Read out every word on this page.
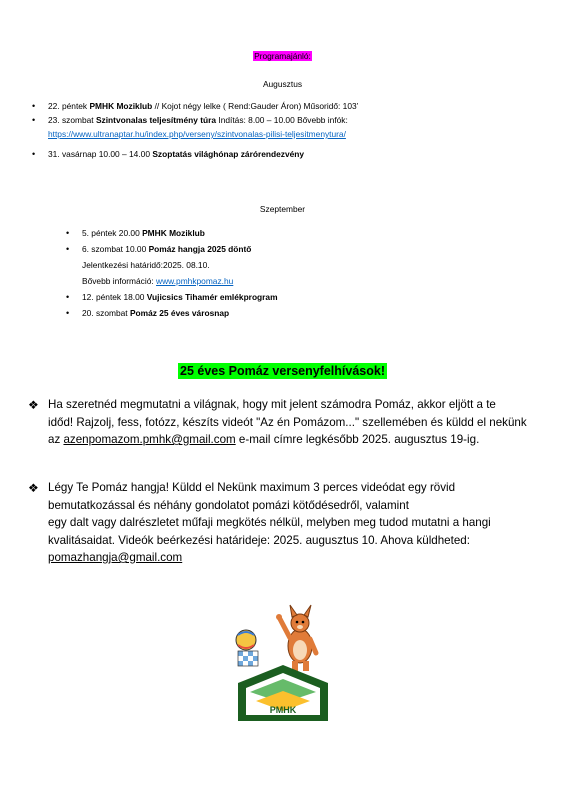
Programajánló:
Augusztus
• 22. péntek PMHK Moziklub // Kojot négy lelke ( Rend:Gauder Áron) Műsoridő: 103’
• 23. szombat Szintvonalas teljesítmény túra Indítás: 8.00 – 10.00 Bővebb infók:
https://www.ultranaptar.hu/index.php/verseny/szintvonalas-pilisi-teljesitmenytura/
• 31. vasárnap 10.00 – 14.00 Szoptatás világhónap zárórendezvény
Szeptember
• 5. péntek 20.00 PMHK Moziklub
• 6. szombat 10.00 Pomáz hangja 2025 döntő
Jelentkezési határidő:2025. 08.10.
Bővebb információ: www.pmhkpomaz.hu
• 12. péntek 18.00 Vujicsics Tihamér emlékprogram
• 20. szombat Pomáz 25 éves városnap
25 éves Pomáz versenyfelhívások!
❖ Ha szeretnéd megmutatni a világnak, hogy mit jelent számodra Pomáz, akkor eljött a te
időd! Rajzolj, fess, fotózz, készíts videót "Az én Pomázom..." szellemében és küldd el nekünk
az azenpomazom.pmhk@gmail.com e-mail címre legkésőbb 2025. augusztus 19-ig.
❖ Légy Te Pomáz hangja! Küldd el Nekünk maximum 3 perces videódat egy rövid
bemutatkozással és néhány gondolatot pomázi kötődésedről, valamint
egy dalt vagy dalrészletet műfaji megkötés nélkül, melyben meg tudod mutatni a hangi
kvalitásaidat. Videók beérkezési határideje: 2025. augusztus 10. Ahova küldheted:
pomazhangja@gmail.com
PMHK
